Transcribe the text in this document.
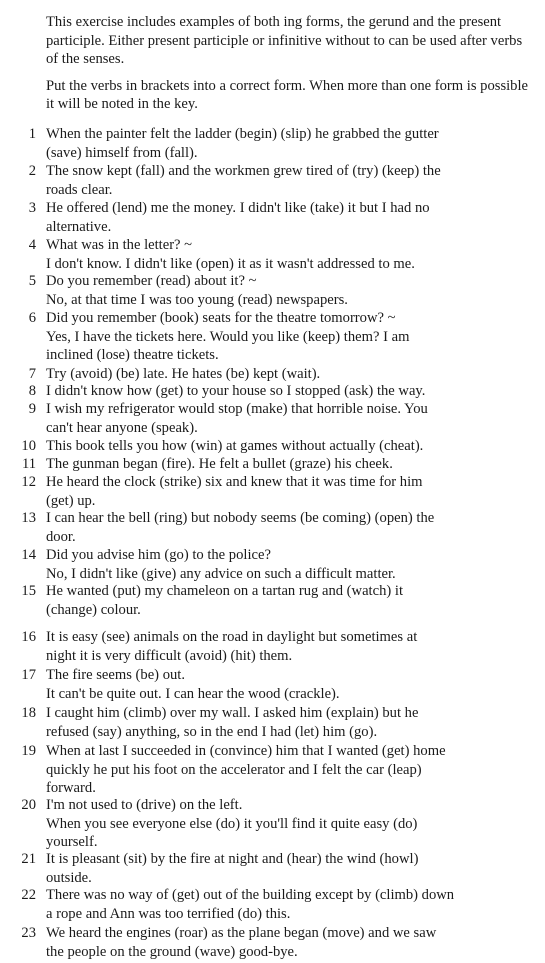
This exercise includes examples of both ing forms, the gerund and the present participle. Either present participle or infinitive without to can be used after verbs of the senses.

Put the verbs in brackets into a correct form. When more than one form is possible it will be noted in the key.

1 When the painter felt the ladder (begin) (slip) he grabbed the gutter
(save) himself from (fall).
2 The snow kept (fall) and the workmen grew tired of (try) (keep) the
roads clear.
3 He offered (lend) me the money. I didn't like (take) it but I had no
alternative.
4 What was in the letter? ~
I don't know. I didn't like (open) it as it wasn't addressed to me.
5 Do you remember (read) about it? ~
No, at that time I was too young (read) newspapers.
6 Did you remember (book) seats for the theatre tomorrow? ~
Yes, I have the tickets here. Would you like (keep) them? I am
inclined (lose) theatre tickets.
7 Try (avoid) (be) late. He hates (be) kept (wait).
8 I didn't know how (get) to your house so I stopped (ask) the way.
9 I wish my refrigerator would stop (make) that horrible noise. You
can't hear anyone (speak).
10 This book tells you how (win) at games without actually (cheat).
11 The gunman began (fire). He felt a bullet (graze) his cheek.
12 He heard the clock (strike) six and knew that it was time for him
(get) up.
13 I can hear the bell (ring) but nobody seems (be coming) (open) the
door.
14 Did you advise him (go) to the police?
No, I didn't like (give) any advice on such a difficult matter.
15 He wanted (put) my chameleon on a tartan rug and (watch) it
(change) colour.
16 It is easy (see) animals on the road in daylight but sometimes at
night it is very difficult (avoid) (hit) them.
17 The fire seems (be) out.
It can't be quite out. I can hear the wood (crackle).
18 I caught him (climb) over my wall. I asked him (explain) but he
refused (say) anything, so in the end I had (let) him (go).
19 When at last I succeeded in (convince) him that I wanted (get) home
quickly he put his foot on the accelerator and I felt the car (leap)
forward.
20 I'm not used to (drive) on the left.
When you see everyone else (do) it you'll find it quite easy (do)
yourself.
21 It is pleasant (sit) by the fire at night and (hear) the wind (howl)
outside.
22 There was no way of (get) out of the building except by (climb) down
a rope and Ann was too terrified (do) this.
23 We heard the engines (roar) as the plane began (move) and we saw
the people on the ground (wave) good-bye.
